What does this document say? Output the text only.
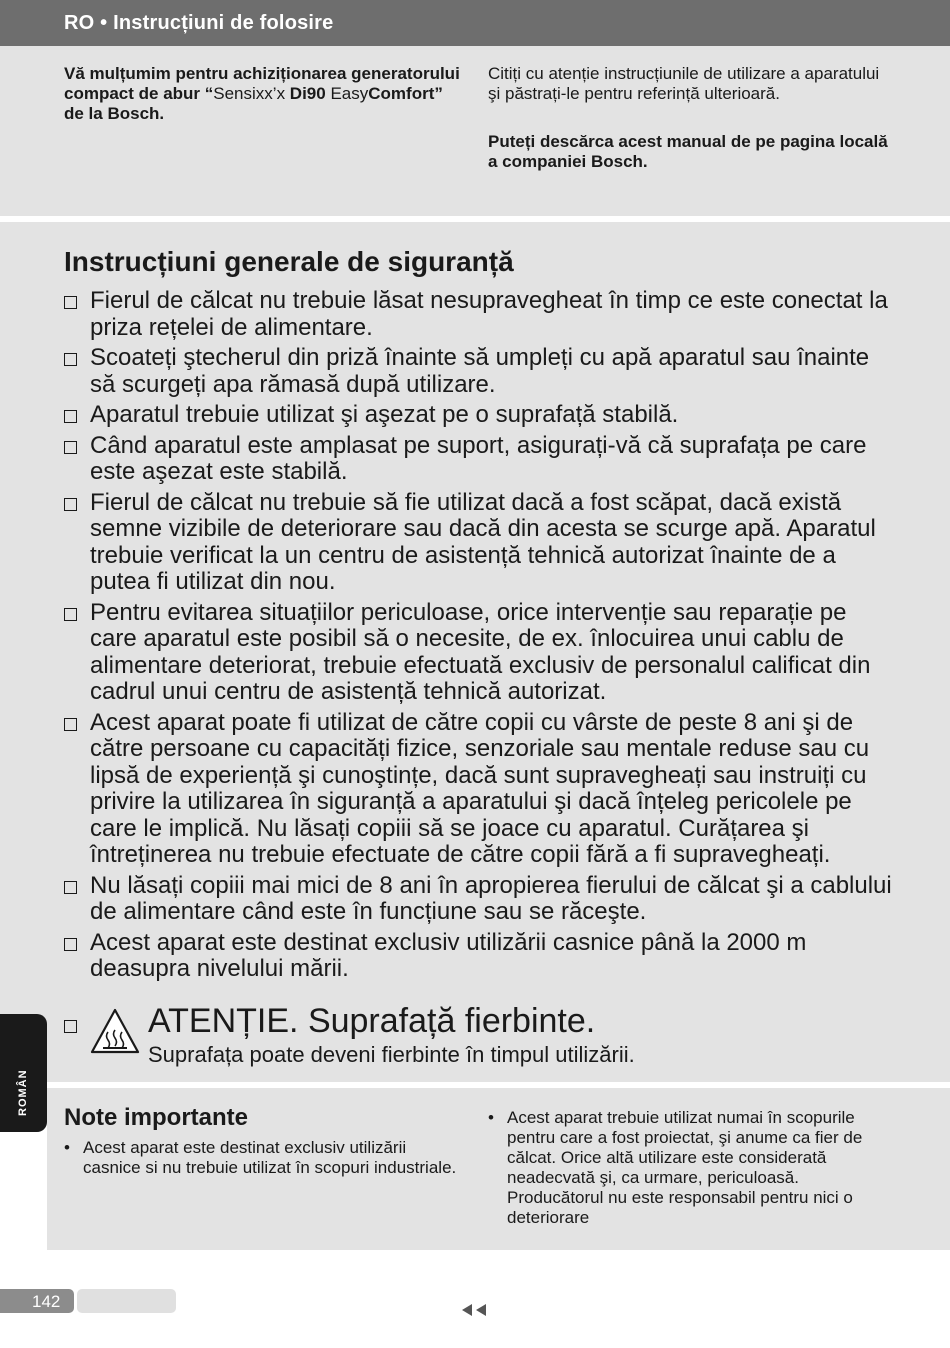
RO • Instrucțiuni de folosire
Vă mulțumim pentru achiziționarea generatorului compact de abur “Sensixx’x Di90 EasyComfort” de la Bosch.
Citiți cu atenție instrucțiunile de utilizare a aparatului şi păstrați-le pentru referință ulterioară.
Puteți descărca acest manual de pe pagina locală a companiei Bosch.
Instrucțiuni generale de siguranță
Fierul de călcat nu trebuie lăsat nesupravegheat în timp ce este conectat la priza rețelei de alimentare.
Scoateți ştecherul din priză înainte să umpleți cu apă aparatul sau înainte să scurgeți apa rămasă după utilizare.
Aparatul trebuie utilizat şi aşezat pe o suprafață stabilă.
Când aparatul este amplasat pe suport, asigurați-vă că suprafața pe care este aşezat este stabilă.
Fierul de călcat nu trebuie să fie utilizat dacă a fost scăpat, dacă există semne vizibile de deteriorare sau dacă din acesta se scurge apă. Aparatul trebuie verificat la un centru de asistență tehnică autorizat înainte de a putea fi utilizat din nou.
Pentru evitarea situațiilor periculoase, orice intervenție sau reparație pe care aparatul este posibil să o necesite, de ex. înlocuirea unui cablu de alimentare deteriorat, trebuie efectuată exclusiv de personalul calificat din cadrul unui centru de asistență tehnică autorizat.
Acest aparat poate fi utilizat de către copii cu vârste de peste 8 ani şi de către persoane cu capacități fizice, senzoriale sau mentale reduse sau cu lipsă de experiență şi cunoştințe, dacă sunt supravegheați sau instruiți cu privire la utilizarea în siguranță a aparatului şi dacă înțeleg pericolele pe care le implică. Nu lăsați copiii să se joace cu aparatul. Curățarea şi întreținerea nu trebuie efectuate de către copii fără a fi supravegheați.
Nu lăsați copiii mai mici de 8 ani în apropierea fierului de călcat şi a cablului de alimentare când este în funcțiune sau se răceşte.
Acest aparat este destinat exclusiv utilizării casnice până la 2000 m deasupra nivelului mării.
ATENȚIE. Suprafață fierbinte.
Suprafața poate deveni fierbinte în timpul utilizării.
Note importante
• Acest aparat este destinat exclusiv utilizării casnice si nu trebuie utilizat în scopuri industriale.
• Acest aparat trebuie utilizat numai în scopurile pentru care a fost proiectat, şi anume ca fier de călcat. Orice altă utilizare este considerată neadecvată şi, ca urmare, periculoasă. Producătorul nu este responsabil pentru nici o deteriorare
ROMÂN
142
